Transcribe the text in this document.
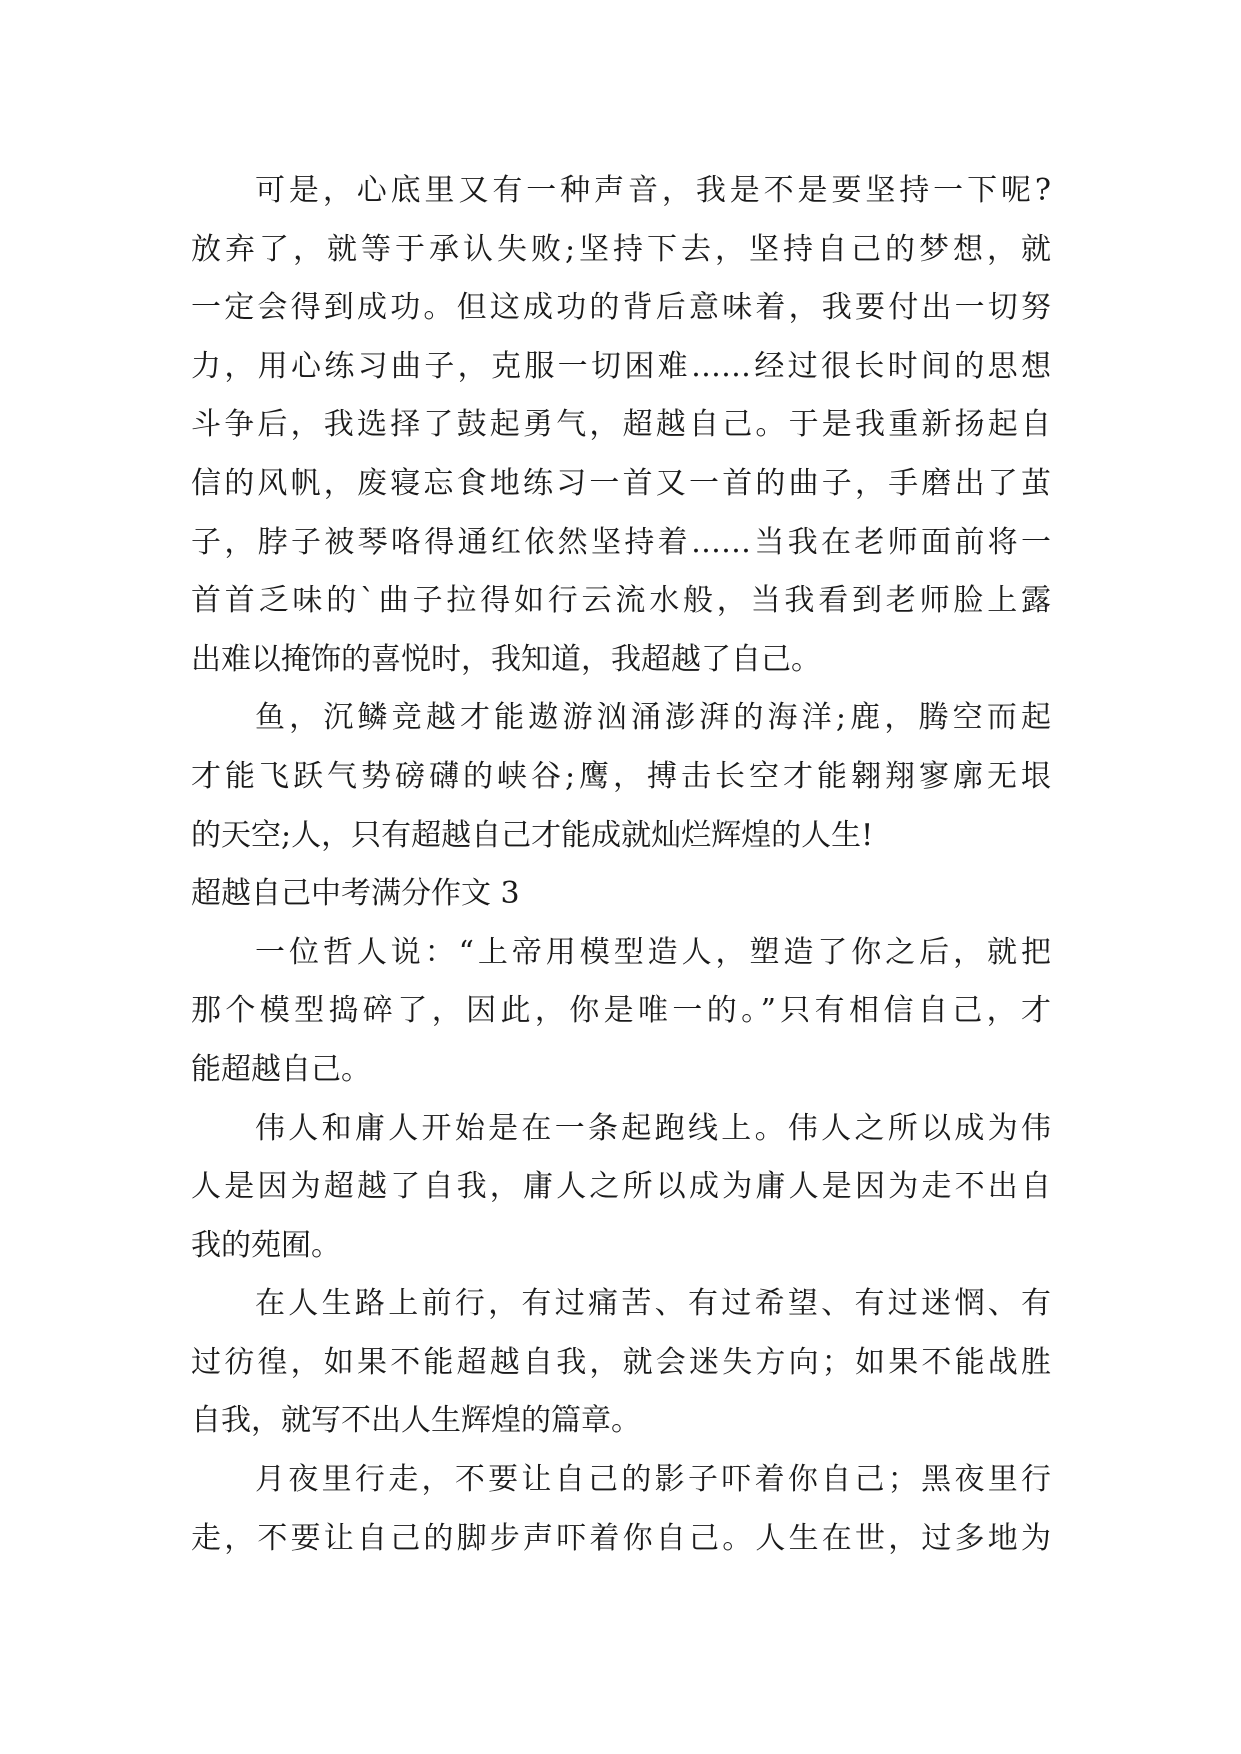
可是，心底里又有一种声音，我是不是要坚持一下呢?
放弃了，就等于承认失败;坚持下去，坚持自己的梦想，就
一定会得到成功。但这成功的背后意味着，我要付出一切努
力，用心练习曲子，克服一切困难……经过很长时间的思想
斗争后，我选择了鼓起勇气，超越自己。于是我重新扬起自
信的风帆，废寝忘食地练习一首又一首的曲子，手磨出了茧
子，脖子被琴咯得通红依然坚持着……当我在老师面前将一
首首乏味的`曲子拉得如行云流水般，当我看到老师脸上露
出难以掩饰的喜悦时，我知道，我超越了自己。
鱼，沉鳞竞越才能遨游汹涌澎湃的海洋;鹿，腾空而起
才能飞跃气势磅礴的峡谷;鹰，搏击长空才能翱翔寥廓无垠
的天空;人，只有超越自己才能成就灿烂辉煌的人生!
超越自己中考满分作文 3
一位哲人说：“上帝用模型造人，塑造了你之后，就把
那个模型捣碎了，因此，你是唯一的。”只有相信自己，才
能超越自己。
伟人和庸人开始是在一条起跑线上。伟人之所以成为伟
人是因为超越了自我，庸人之所以成为庸人是因为走不出自
我的苑囿。
在人生路上前行，有过痛苦、有过希望、有过迷惘、有
过彷徨，如果不能超越自我，就会迷失方向；如果不能战胜
自我，就写不出人生辉煌的篇章。
月夜里行走，不要让自己的影子吓着你自己；黑夜里行
走，不要让自己的脚步声吓着你自己。人生在世，过多地为
